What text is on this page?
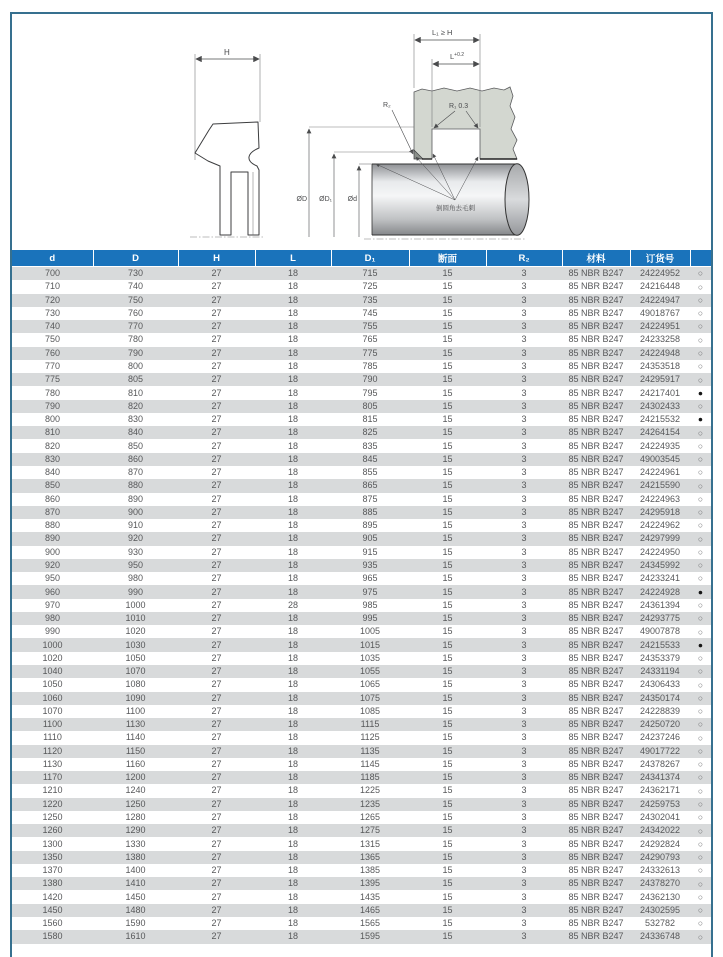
H
L₁ ≥ H
$L^{+0.2}$
R₁ 0.3
R₂
ØD ØD₁ Ød
倒圆角去毛刺
d	D	H	L	D₁	断面	R₂	材料	订货号	
700	730	27	18	715	15	3	85 NBR B247	24224952	○
710	740	27	18	725	15	3	85 NBR B247	24216448	○
720	750	27	18	735	15	3	85 NBR B247	24224947	○
730	760	27	18	745	15	3	85 NBR B247	49018767	○
740	770	27	18	755	15	3	85 NBR B247	24224951	○
750	780	27	18	765	15	3	85 NBR B247	24233258	○
760	790	27	18	775	15	3	85 NBR B247	24224948	○
770	800	27	18	785	15	3	85 NBR B247	24353518	○
775	805	27	18	790	15	3	85 NBR B247	24295917	○
780	810	27	18	795	15	3	85 NBR B247	24217401	●
790	820	27	18	805	15	3	85 NBR B247	24302433	○
800	830	27	18	815	15	3	85 NBR B247	24215532	●
810	840	27	18	825	15	3	85 NBR B247	24264154	○
820	850	27	18	835	15	3	85 NBR B247	24224935	○
830	860	27	18	845	15	3	85 NBR B247	49003545	○
840	870	27	18	855	15	3	85 NBR B247	24224961	○
850	880	27	18	865	15	3	85 NBR B247	24215590	○
860	890	27	18	875	15	3	85 NBR B247	24224963	○
870	900	27	18	885	15	3	85 NBR B247	24295918	○
880	910	27	18	895	15	3	85 NBR B247	24224962	○
890	920	27	18	905	15	3	85 NBR B247	24297999	○
900	930	27	18	915	15	3	85 NBR B247	24224950	○
920	950	27	18	935	15	3	85 NBR B247	24345992	○
950	980	27	18	965	15	3	85 NBR B247	24233241	○
960	990	27	18	975	15	3	85 NBR B247	24224928	●
970	1000	27	28	985	15	3	85 NBR B247	24361394	○
980	1010	27	18	995	15	3	85 NBR B247	24293775	○
990	1020	27	18	1005	15	3	85 NBR B247	49007878	○
1000	1030	27	18	1015	15	3	85 NBR B247	24215533	●
1020	1050	27	18	1035	15	3	85 NBR B247	24353379	○
1040	1070	27	18	1055	15	3	85 NBR B247	24331194	○
1050	1080	27	18	1065	15	3	85 NBR B247	24306433	○
1060	1090	27	18	1075	15	3	85 NBR B247	24350174	○
1070	1100	27	18	1085	15	3	85 NBR B247	24228839	○
1100	1130	27	18	1115	15	3	85 NBR B247	24250720	○
1110	1140	27	18	1125	15	3	85 NBR B247	24237246	○
1120	1150	27	18	1135	15	3	85 NBR B247	49017722	○
1130	1160	27	18	1145	15	3	85 NBR B247	24378267	○
1170	1200	27	18	1185	15	3	85 NBR B247	24341374	○
1210	1240	27	18	1225	15	3	85 NBR B247	24362171	○
1220	1250	27	18	1235	15	3	85 NBR B247	24259753	○
1250	1280	27	18	1265	15	3	85 NBR B247	24302041	○
1260	1290	27	18	1275	15	3	85 NBR B247	24342022	○
1300	1330	27	18	1315	15	3	85 NBR B247	24292824	○
1350	1380	27	18	1365	15	3	85 NBR B247	24290793	○
1370	1400	27	18	1385	15	3	85 NBR B247	24332613	○
1380	1410	27	18	1395	15	3	85 NBR B247	24378270	○
1420	1450	27	18	1435	15	3	85 NBR B247	24362130	○
1450	1480	27	18	1465	15	3	85 NBR B247	24302595	○
1560	1590	27	18	1565	15	3	85 NBR B247	532782	○
1580	1610	27	18	1595	15	3	85 NBR B247	24336748	○
